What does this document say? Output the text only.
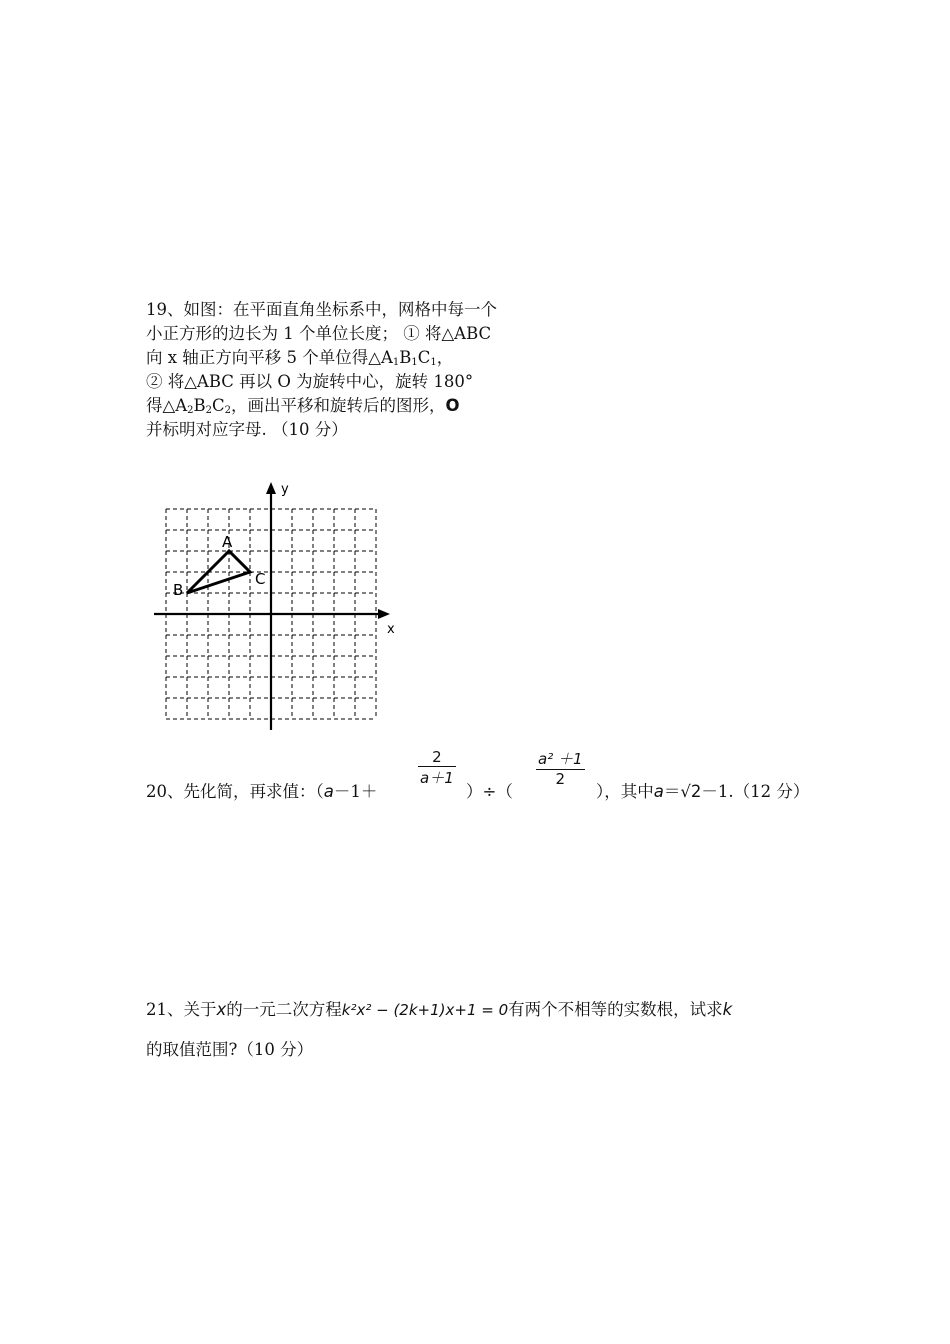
19、如图：在平面直角坐标系中，网格中每一个
小正方形的边长为 1 个单位长度； ① 将△ABC
向 x 轴正方向平移 5 个单位得$\triangle A_1B_1C_1$，
② 将△ABC 再以 O 为旋转中心，旋转 180°
得$\triangle A_2B_2C_2$，画出平移和旋转后的图形，O
并标明对应字母. （10 分）
x
y
A
B
C
20、先化简，再求值：（a－1＋
$\frac{2}{a+1}$
）÷（
$\frac{\text{a² ＋1}}{2}$
），其中a＝√2－1.（12 分）
21、关于x的一元二次方程k²x² − (2k+1)x+1 = 0有两个不相等的实数根，试求k
的取值范围?（10 分）
